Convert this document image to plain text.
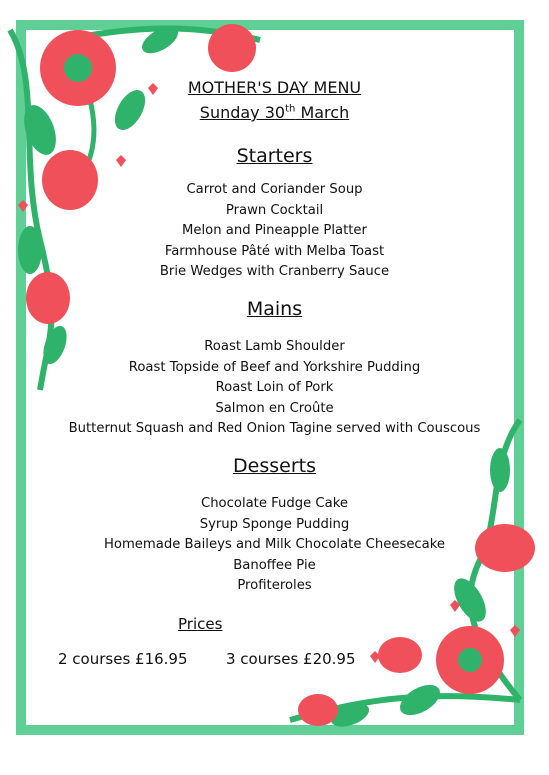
MOTHER'S DAY MENU
Sunday 30th March
Starters
Carrot and Coriander Soup
Prawn Cocktail
Melon and Pineapple Platter
Farmhouse Pâté with Melba Toast
Brie Wedges with Cranberry Sauce
Mains
Roast Lamb Shoulder
Roast Topside of Beef and Yorkshire Pudding
Roast Loin of Pork
Salmon en Croûte
Butternut Squash and Red Onion Tagine served with Couscous
Desserts
Chocolate Fudge Cake
Syrup Sponge Pudding
Homemade Baileys and Milk Chocolate Cheesecake
Banoffee Pie
Profiteroles
Prices
2 courses £16.95	3 courses £20.95
